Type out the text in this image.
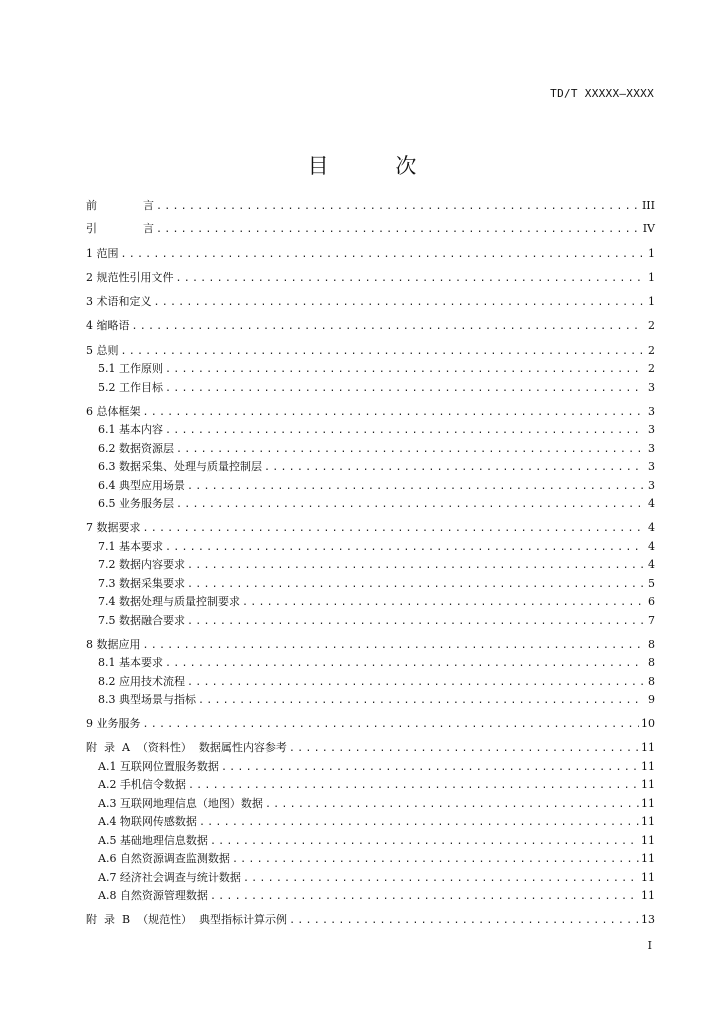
TD/T XXXXX—XXXX
目 次
前	言 .....	III
引	言 .....	IV
1 范围 .....	1
2 规范性引用文件 .....	1
3 术语和定义 .....	1
4 缩略语 .....	2
5 总则 .....	2
5.1 工作原则 .....	2
5.2 工作目标 .....	3
6 总体框架 .....	3
6.1 基本内容 .....	3
6.2 数据资源层 .....	3
6.3 数据采集、处理与质量控制层 .....	3
6.4 典型应用场景 .....	3
6.5 业务服务层 .....	4
7 数据要求 .....	4
7.1 基本要求 .....	4
7.2 数据内容要求 .....	4
7.3 数据采集要求 .....	5
7.4 数据处理与质量控制要求 .....	6
7.5 数据融合要求 .....	7
8 数据应用 .....	8
8.1 基本要求 .....	8
8.2 应用技术流程 .....	8
8.3 典型场景与指标 .....	9
9 业务服务 .....	10
附  录  A  （资料性）  数据属性内容参考 .....	11
A.1 互联网位置服务数据 .....	11
A.2 手机信令数据 .....	11
A.3 互联网地理信息（地图）数据 .....	11
A.4 物联网传感数据 .....	11
A.5 基础地理信息数据 .....	11
A.6 自然资源调查监测数据 .....	11
A.7 经济社会调查与统计数据 .....	11
A.8 自然资源管理数据 .....	11
附  录  B  （规范性）  典型指标计算示例 .....	13
I
